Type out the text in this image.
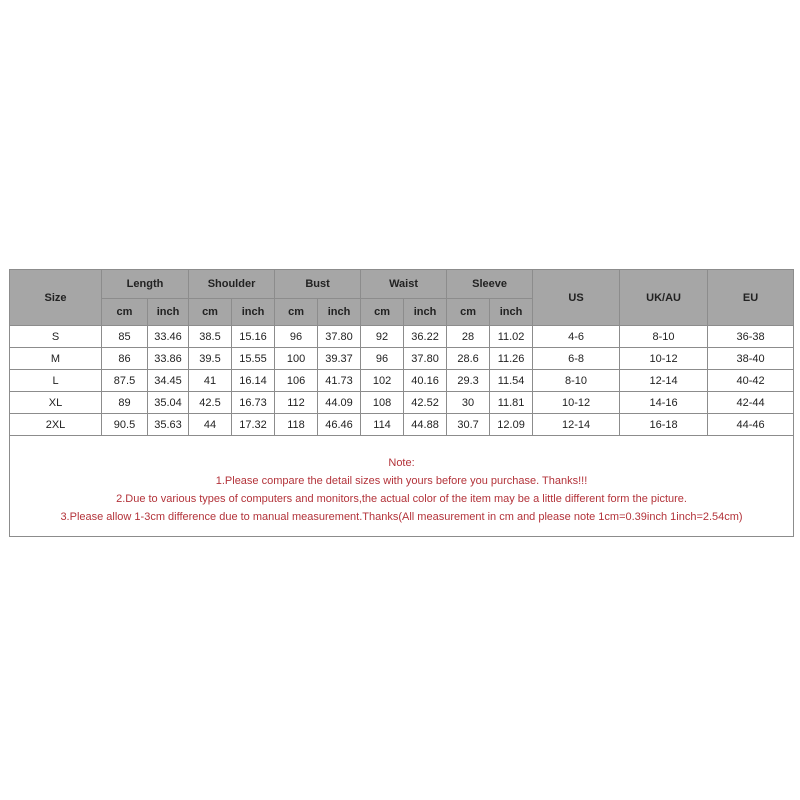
Size	Length		Shoulder		Bust		Waist		Sleeve		US	UK/AU	EU
	cm	inch	cm	inch	cm	inch	cm	inch	cm	inch			
S	85	33.46	38.5	15.16	96	37.80	92	36.22	28	11.02	4-6	8-10	36-38
M	86	33.86	39.5	15.55	100	39.37	96	37.80	28.6	11.26	6-8	10-12	38-40
L	87.5	34.45	41	16.14	106	41.73	102	40.16	29.3	11.54	8-10	12-14	40-42
XL	89	35.04	42.5	16.73	112	44.09	108	42.52	30	11.81	10-12	14-16	42-44
2XL	90.5	35.63	44	17.32	118	46.46	114	44.88	30.7	12.09	12-14	16-18	44-46

Note:
1.Please compare the detail sizes with yours before you purchase. Thanks!!!
2.Due to various types of computers and monitors,the actual color of the item may be a little different form the picture.
3.Please allow 1-3cm difference due to manual measurement.Thanks(All measurement in cm and please note 1cm=0.39inch 1inch=2.54cm)													
